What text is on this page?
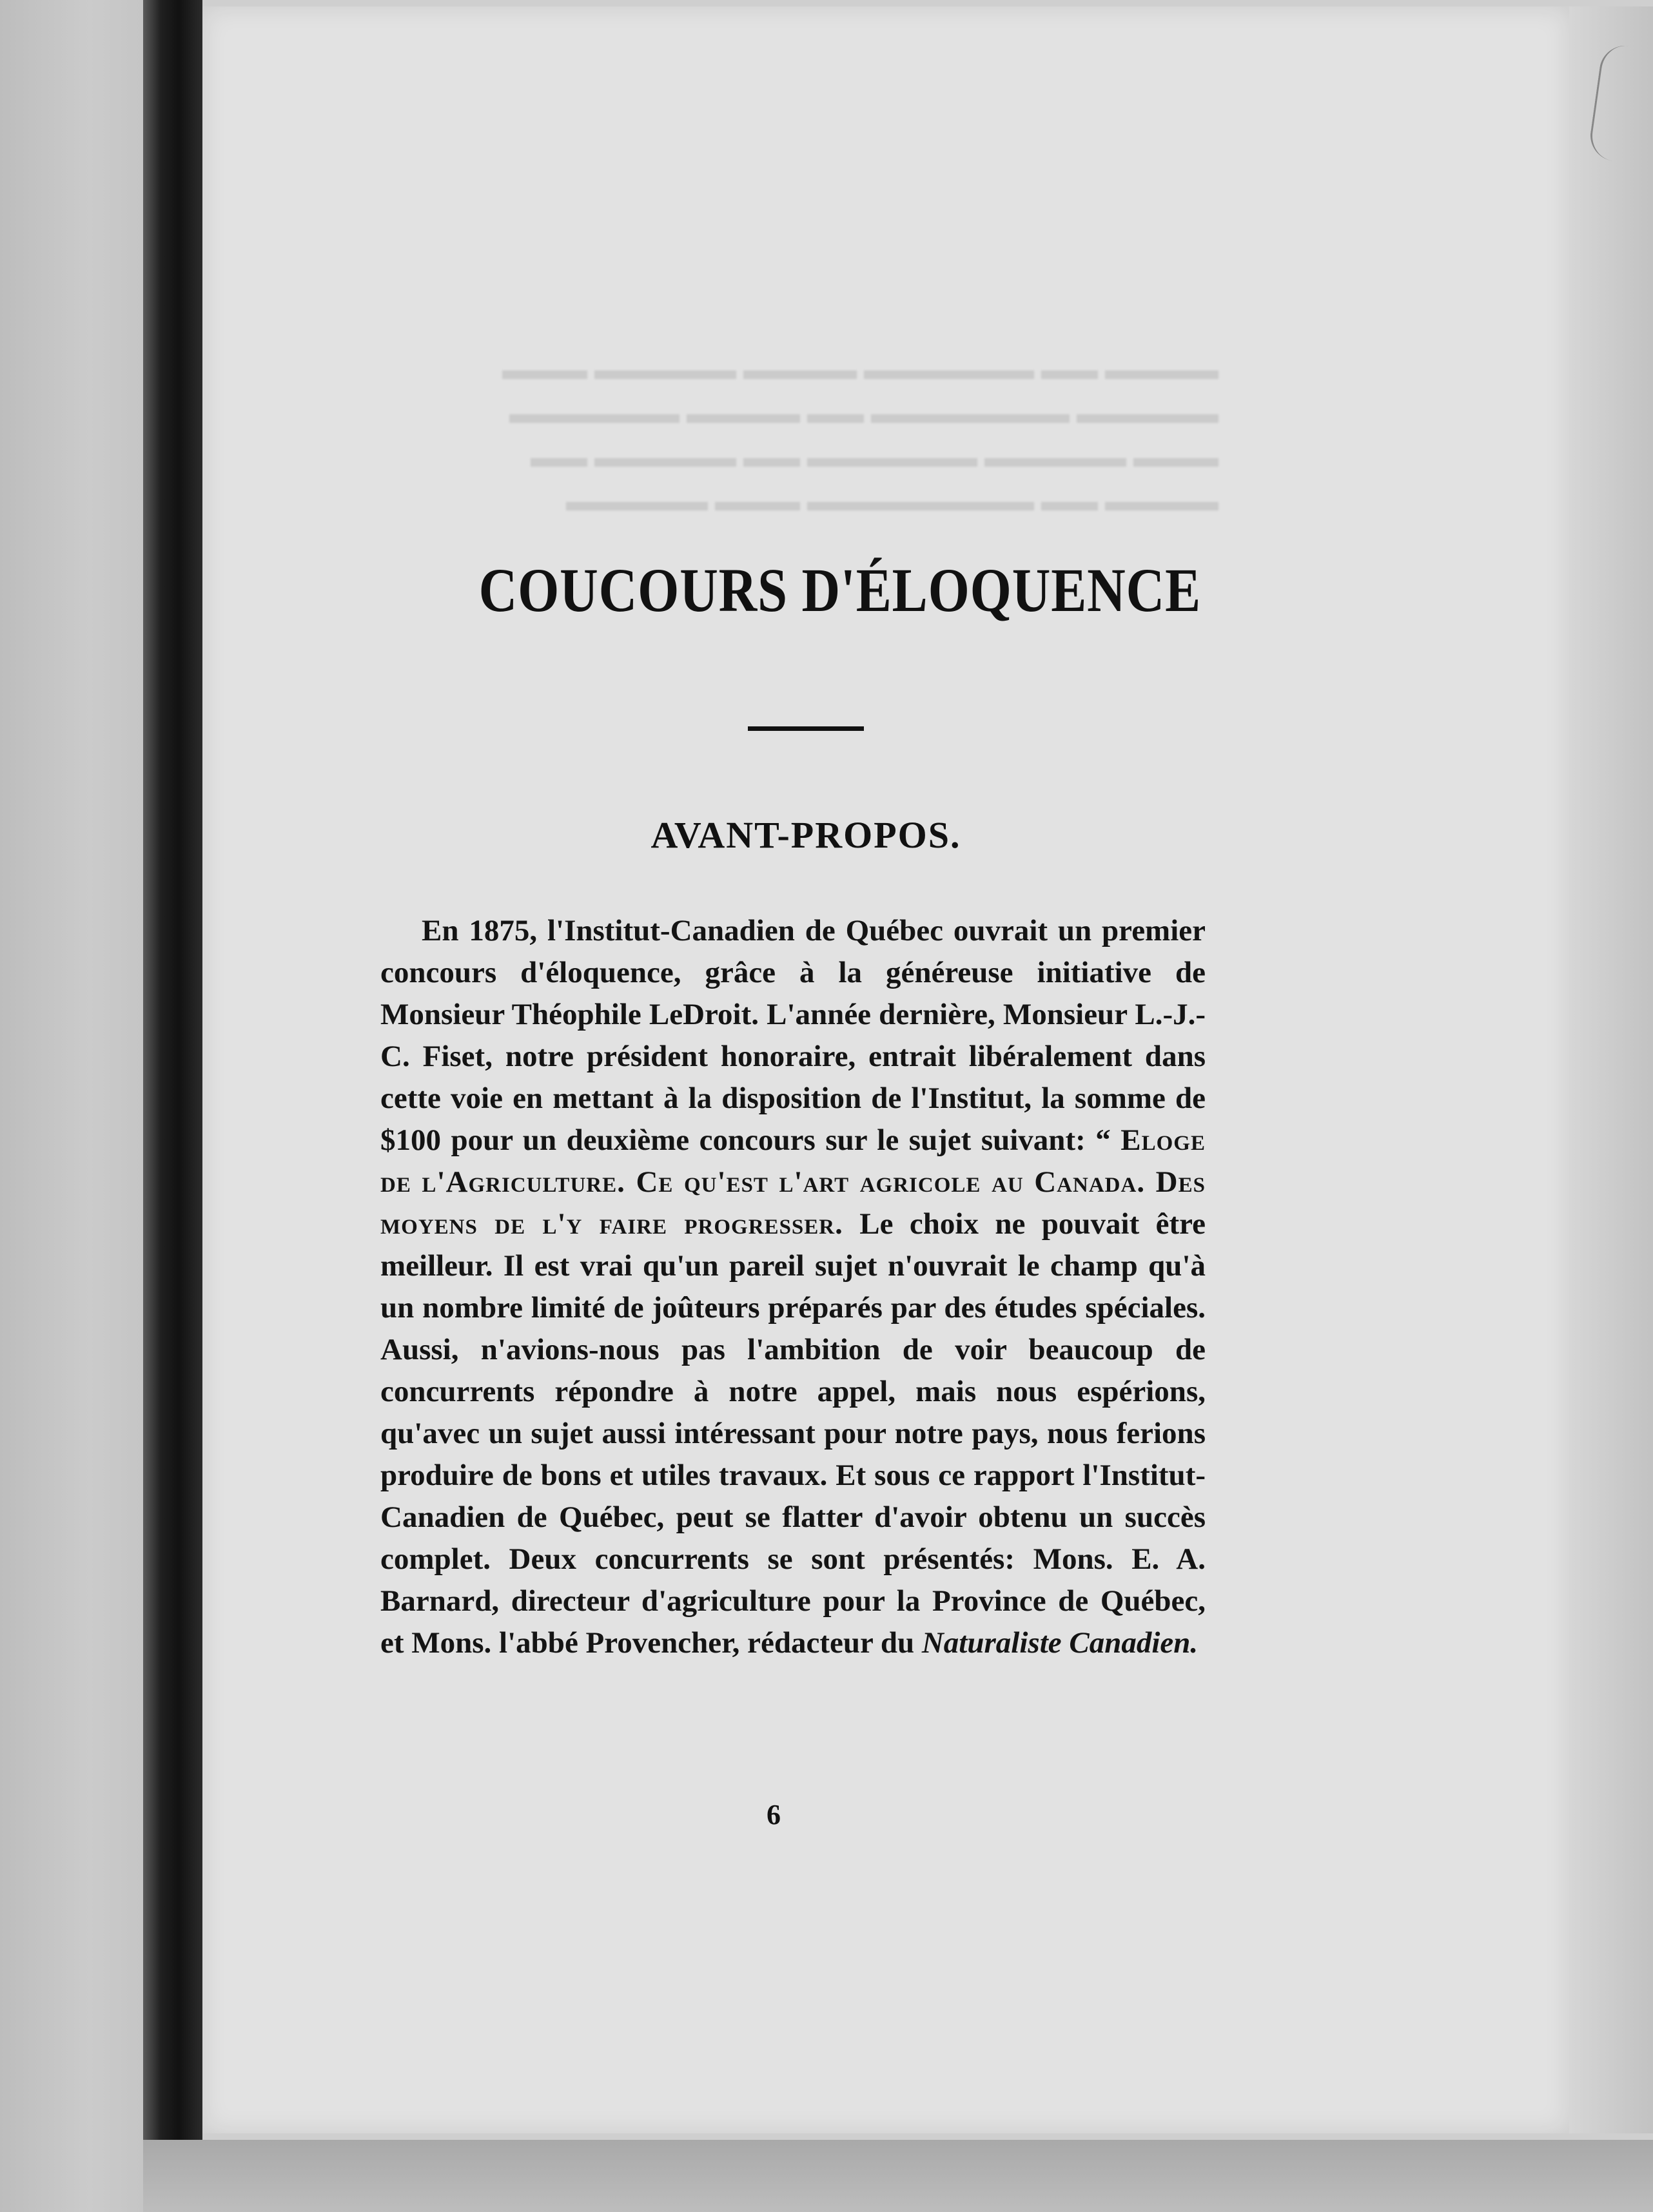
▬▬▬▬ ▬▬ ▬▬▬▬▬▬ ▬▬▬▬ ▬▬▬▬▬ ▬▬▬
▬▬▬▬▬ ▬▬▬▬▬▬▬ ▬▬ ▬▬▬▬ ▬▬▬▬▬▬
▬▬▬ ▬▬▬▬▬ ▬▬▬▬▬▬ ▬▬ ▬▬▬▬▬ ▬▬
▬▬▬▬ ▬▬ ▬▬▬▬▬▬▬▬ ▬▬▬ ▬▬▬▬▬
COUCOURS D'ÉLOQUENCE
AVANT-PROPOS.

En 1875, l'Institut-Canadien de Québec ouvrait un premier concours d'éloquence, grâce à la généreuse initiative de Monsieur Théophile LeDroit. L'année dernière, Monsieur L.-J.-C. Fiset, notre président honoraire, entrait libéralement dans cette voie en mettant à la disposition de l'Institut, la somme de $100 pour un deuxième concours sur le sujet suivant: “ Eloge de l'Agriculture. Ce qu'est l'art agricole au Canada. Des moyens de l'y faire progresser. Le choix ne pouvait être meilleur. Il est vrai qu'un pareil sujet n'ouvrait le champ qu'à un nombre limité de joûteurs préparés par des études spéciales. Aussi, n'avions-nous pas l'ambition de voir beaucoup de concurrents répondre à notre appel, mais nous espérions, qu'avec un sujet aussi intéressant pour notre pays, nous ferions produire de bons et utiles travaux. Et sous ce rapport l'Institut-Canadien de Québec, peut se flatter d'avoir obtenu un succès complet. Deux concurrents se sont présentés: Mons. E. A. Barnard, directeur d'agriculture pour la Province de Québec, et Mons. l'abbé Provencher, rédacteur du Naturaliste Canadien.

6
